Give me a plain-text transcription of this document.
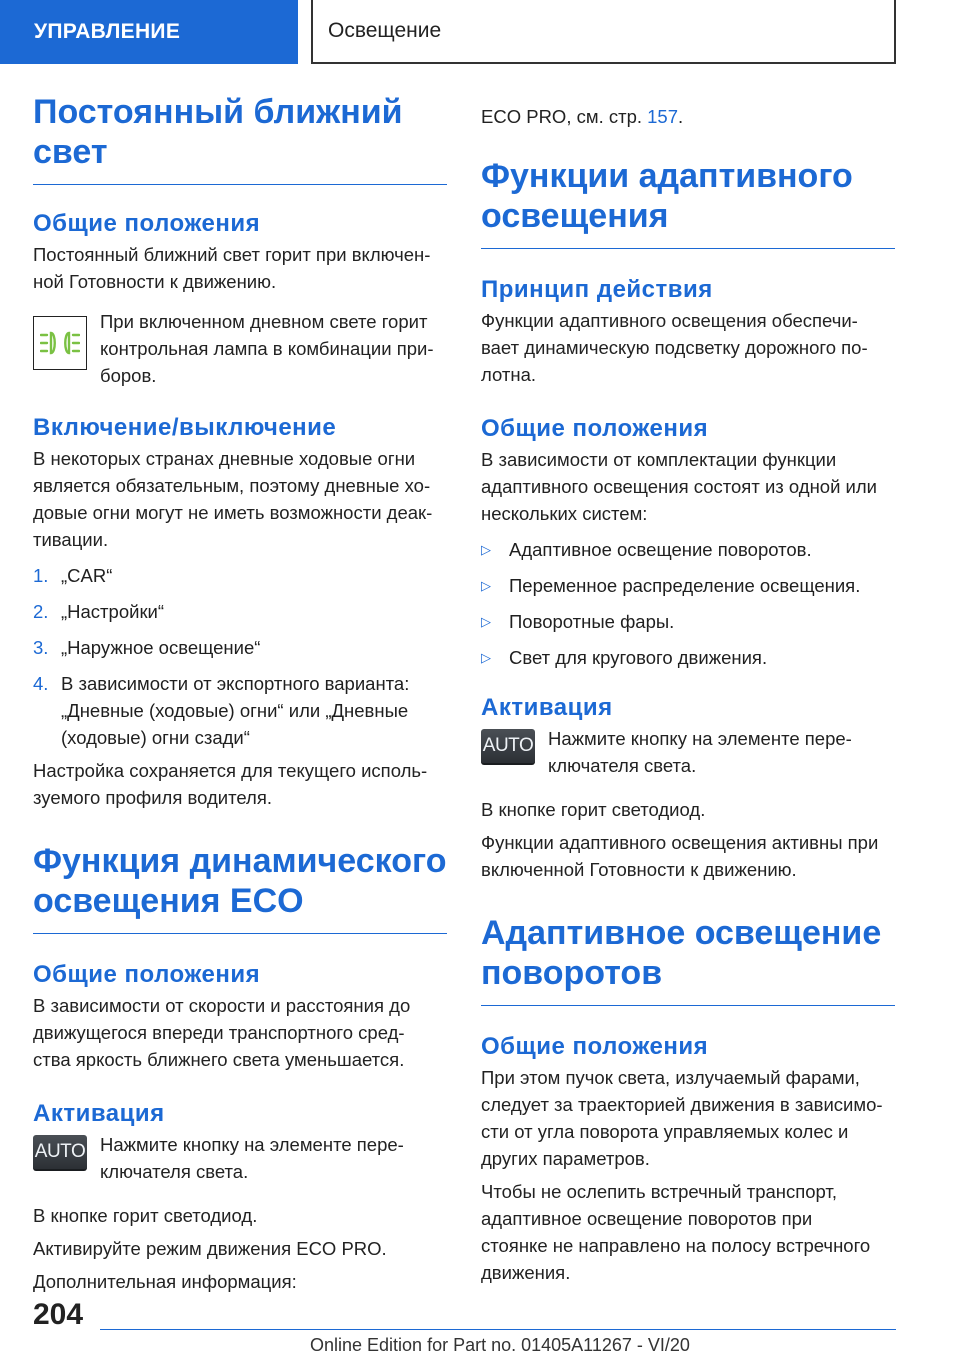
УПРАВЛЕНИЕ	Освещение
Постоянный ближний
свет
Общие положения
Постоянный ближний свет горит при включен-
ной Готовности к движению.
При включенном дневном свете горит
контрольная лампа в комбинации при-
боров.
Включение/выключение
В некоторых странах дневные ходовые огни
является обязательным, поэтому дневные хо-
довые огни могут не иметь возможности деак-
тивации.
1. „CAR“
2. „Настройки“
3. „Наружное освещение“
4. В зависимости от экспортного варианта:
„Дневные (ходовые) огни“ или „Дневные
(ходовые) огни сзади“
Настройка сохраняется для текущего исполь-
зуемого профиля водителя.
Функция динамического
освещения ECO
Общие положения
В зависимости от скорости и расстояния до
движущегося впереди транспортного сред-
ства яркость ближнего света уменьшается.
Активация
AUTO Нажмите кнопку на элементе пере-
ключателя света.
В кнопке горит светодиод.
Активируйте режим движения ECO PRO.
Дополнительная информация:
ECO PRO, см. стр. 157.
Функции адаптивного
освещения
Принцип действия
Функции адаптивного освещения обеспечи-
вает динамическую подсветку дорожного по-
лотна.
Общие положения
В зависимости от комплектации функции
адаптивного освещения состоят из одной или
нескольких систем:
▷ Адаптивное освещение поворотов.
▷ Переменное распределение освещения.
▷ Поворотные фары.
▷ Свет для кругового движения.
Активация
AUTO Нажмите кнопку на элементе пере-
ключателя света.
В кнопке горит светодиод.
Функции адаптивного освещения активны при
включенной Готовности к движению.
Адаптивное освещение
поворотов
Общие положения
При этом пучок света, излучаемый фарами,
следует за траекторией движения в зависимо-
сти от угла поворота управляемых колес и
других параметров.
Чтобы не ослепить встречный транспорт,
адаптивное освещение поворотов при
стоянке не направлено на полосу встречного
движения.
204
Online Edition for Part no. 01405A11267 - VI/20
